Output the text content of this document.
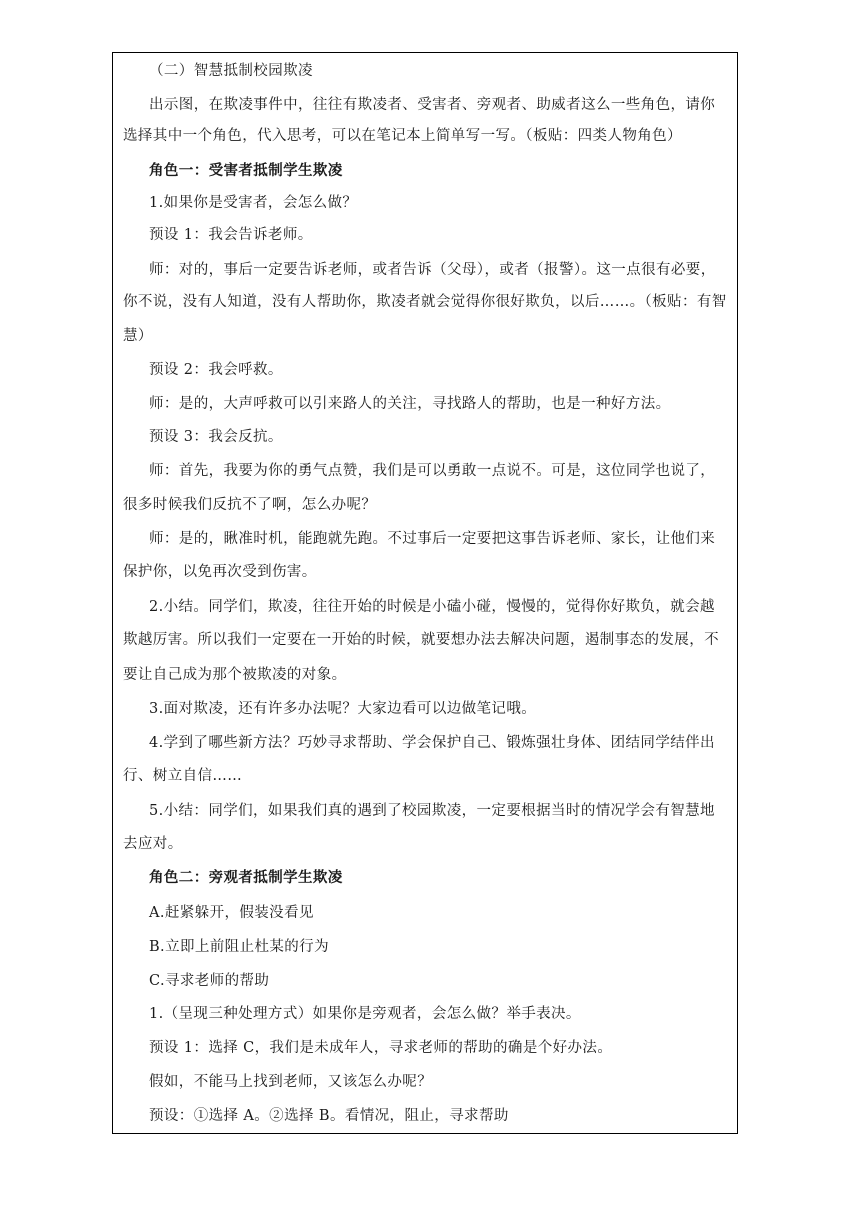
（二）智慧抵制校园欺凌
出示图，在欺凌事件中，往往有欺凌者、受害者、旁观者、助威者这么一些角色，请你
选择其中一个角色，代入思考，可以在笔记本上简单写一写。（板贴：四类人物角色）
角色一：受害者抵制学生欺凌
1.如果你是受害者，会怎么做？
预设 1：我会告诉老师。
师：对的，事后一定要告诉老师，或者告诉（父母），或者（报警）。这一点很有必要，
你不说，没有人知道，没有人帮助你，欺凌者就会觉得你很好欺负，以后……。（板贴：有智
慧）
预设 2：我会呼救。
师：是的，大声呼救可以引来路人的关注，寻找路人的帮助，也是一种好方法。
预设 3：我会反抗。
师：首先，我要为你的勇气点赞，我们是可以勇敢一点说不。可是，这位同学也说了，
很多时候我们反抗不了啊，怎么办呢？
师：是的，瞅准时机，能跑就先跑。不过事后一定要把这事告诉老师、家长，让他们来
保护你，以免再次受到伤害。
2.小结。同学们，欺凌，往往开始的时候是小磕小碰，慢慢的，觉得你好欺负，就会越
欺越厉害。所以我们一定要在一开始的时候，就要想办法去解决问题，遏制事态的发展，不
要让自己成为那个被欺凌的对象。
3.面对欺凌，还有许多办法呢？大家边看可以边做笔记哦。
4.学到了哪些新方法？巧妙寻求帮助、学会保护自己、锻炼强壮身体、团结同学结伴出
行、树立自信……
5.小结：同学们，如果我们真的遇到了校园欺凌，一定要根据当时的情况学会有智慧地
去应对。
角色二：旁观者抵制学生欺凌
A.赶紧躲开，假装没看见
B.立即上前阻止杜某的行为
C.寻求老师的帮助
1.（呈现三种处理方式）如果你是旁观者，会怎么做？举手表决。
预设 1：选择 C，我们是未成年人，寻求老师的帮助的确是个好办法。
假如，不能马上找到老师，又该怎么办呢？
预设：①选择 A。②选择 B。看情况，阻止，寻求帮助
